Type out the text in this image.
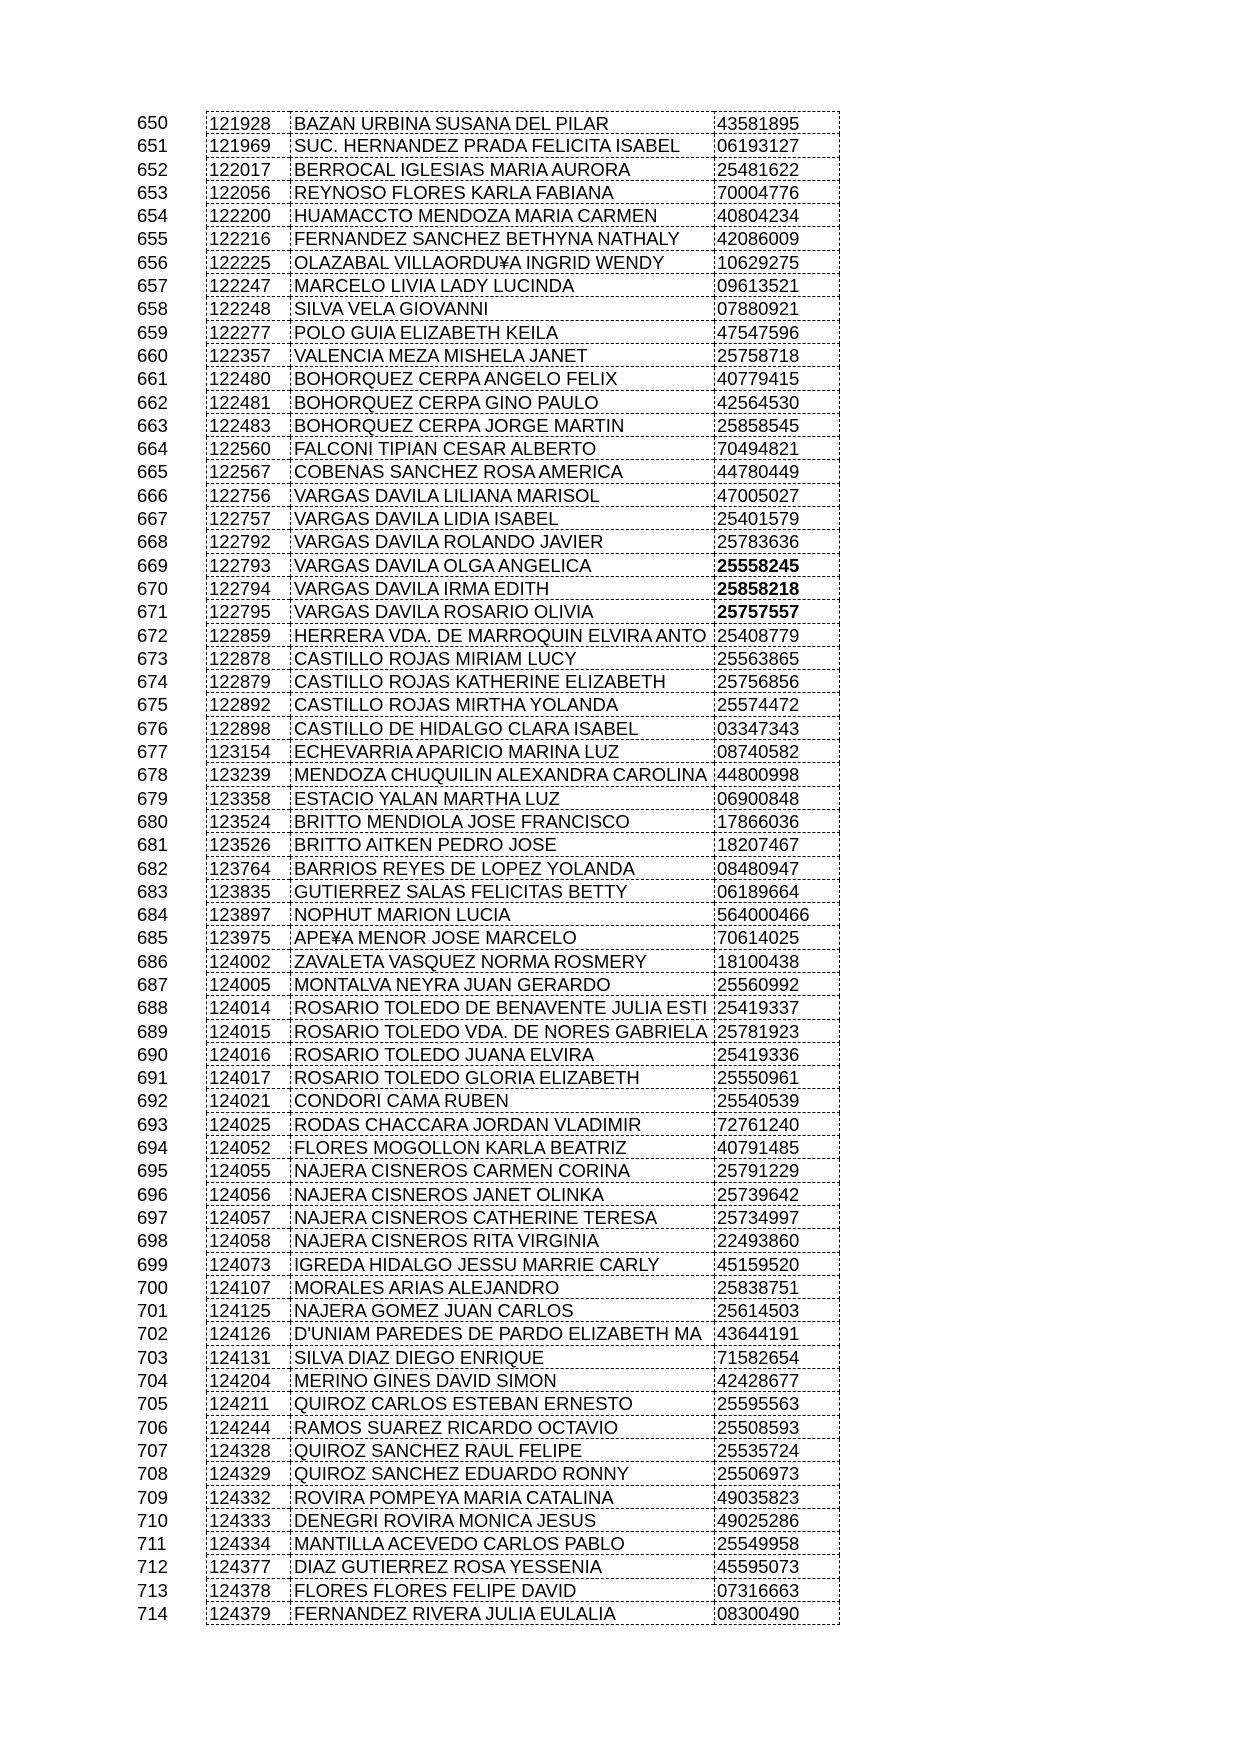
650	121928	BAZAN URBINA SUSANA DEL PILAR	43581895
651	121969	SUC. HERNANDEZ PRADA FELICITA ISABEL	06193127
652	122017	BERROCAL IGLESIAS MARIA AURORA	25481622
653	122056	REYNOSO FLORES KARLA FABIANA	70004776
654	122200	HUAMACCTO MENDOZA MARIA CARMEN	40804234
655	122216	FERNANDEZ SANCHEZ BETHYNA NATHALY	42086009
656	122225	OLAZABAL VILLAORDU¥A INGRID WENDY	10629275
657	122247	MARCELO LIVIA LADY LUCINDA	09613521
658	122248	SILVA VELA GIOVANNI	07880921
659	122277	POLO GUIA ELIZABETH KEILA	47547596
660	122357	VALENCIA MEZA MISHELA JANET	25758718
661	122480	BOHORQUEZ CERPA ANGELO FELIX	40779415
662	122481	BOHORQUEZ CERPA GINO PAULO	42564530
663	122483	BOHORQUEZ CERPA JORGE MARTIN	25858545
664	122560	FALCONI TIPIAN CESAR ALBERTO	70494821
665	122567	COBENAS SANCHEZ ROSA AMERICA	44780449
666	122756	VARGAS DAVILA LILIANA MARISOL	47005027
667	122757	VARGAS DAVILA LIDIA ISABEL	25401579
668	122792	VARGAS DAVILA ROLANDO JAVIER	25783636
669	122793	VARGAS DAVILA OLGA ANGELICA	25558245
670	122794	VARGAS DAVILA IRMA EDITH	25858218
671	122795	VARGAS DAVILA ROSARIO OLIVIA	25757557
672	122859	HERRERA VDA. DE MARROQUIN ELVIRA ANTO 25408779
673	122878	CASTILLO ROJAS MIRIAM LUCY	25563865
674	122879	CASTILLO ROJAS KATHERINE ELIZABETH	25756856
675	122892	CASTILLO ROJAS MIRTHA YOLANDA	25574472
676	122898	CASTILLO DE HIDALGO CLARA ISABEL	03347343
677	123154	ECHEVARRIA APARICIO MARINA LUZ	08740582
678	123239	MENDOZA CHUQUILIN ALEXANDRA CAROLINA 44800998
679	123358	ESTACIO YALAN MARTHA LUZ	06900848
680	123524	BRITTO MENDIOLA JOSE FRANCISCO	17866036
681	123526	BRITTO AITKEN PEDRO JOSE	18207467
682	123764	BARRIOS REYES DE LOPEZ YOLANDA	08480947
683	123835	GUTIERREZ SALAS FELICITAS BETTY	06189664
684	123897	NOPHUT MARION LUCIA	564000466
685	123975	APE¥A MENOR JOSE MARCELO	70614025
686	124002	ZAVALETA VASQUEZ NORMA ROSMERY	18100438
687	124005	MONTALVA NEYRA JUAN GERARDO	25560992
688	124014	ROSARIO TOLEDO DE BENAVENTE JULIA ESTI 25419337
689	124015	ROSARIO TOLEDO VDA. DE NORES GABRIELA 25781923
690	124016	ROSARIO TOLEDO JUANA ELVIRA	25419336
691	124017	ROSARIO TOLEDO GLORIA ELIZABETH	25550961
692	124021	CONDORI CAMA RUBEN	25540539
693	124025	RODAS CHACCARA JORDAN VLADIMIR	72761240
694	124052	FLORES MOGOLLON KARLA BEATRIZ	40791485
695	124055	NAJERA CISNEROS CARMEN CORINA	25791229
696	124056	NAJERA CISNEROS JANET OLINKA	25739642
697	124057	NAJERA CISNEROS CATHERINE TERESA	25734997
698	124058	NAJERA CISNEROS RITA VIRGINIA	22493860
699	124073	IGREDA HIDALGO JESSU MARRIE CARLY	45159520
700	124107	MORALES ARIAS ALEJANDRO	25838751
701	124125	NAJERA GOMEZ JUAN CARLOS	25614503
702	124126	D'UNIAM PAREDES DE PARDO ELIZABETH MA 43644191
703	124131	SILVA DIAZ DIEGO ENRIQUE	71582654
704	124204	MERINO GINES DAVID SIMON	42428677
705	124211	QUIROZ CARLOS ESTEBAN ERNESTO	25595563
706	124244	RAMOS SUAREZ RICARDO OCTAVIO	25508593
707	124328	QUIROZ SANCHEZ RAUL FELIPE	25535724
708	124329	QUIROZ SANCHEZ EDUARDO RONNY	25506973
709	124332	ROVIRA POMPEYA MARIA CATALINA	49035823
710	124333	DENEGRI ROVIRA MONICA JESUS	49025286
711	124334	MANTILLA ACEVEDO CARLOS PABLO	25549958
712	124377	DIAZ GUTIERREZ ROSA YESSENIA	45595073
713	124378	FLORES FLORES FELIPE DAVID	07316663
714	124379	FERNANDEZ RIVERA JULIA EULALIA	08300490
